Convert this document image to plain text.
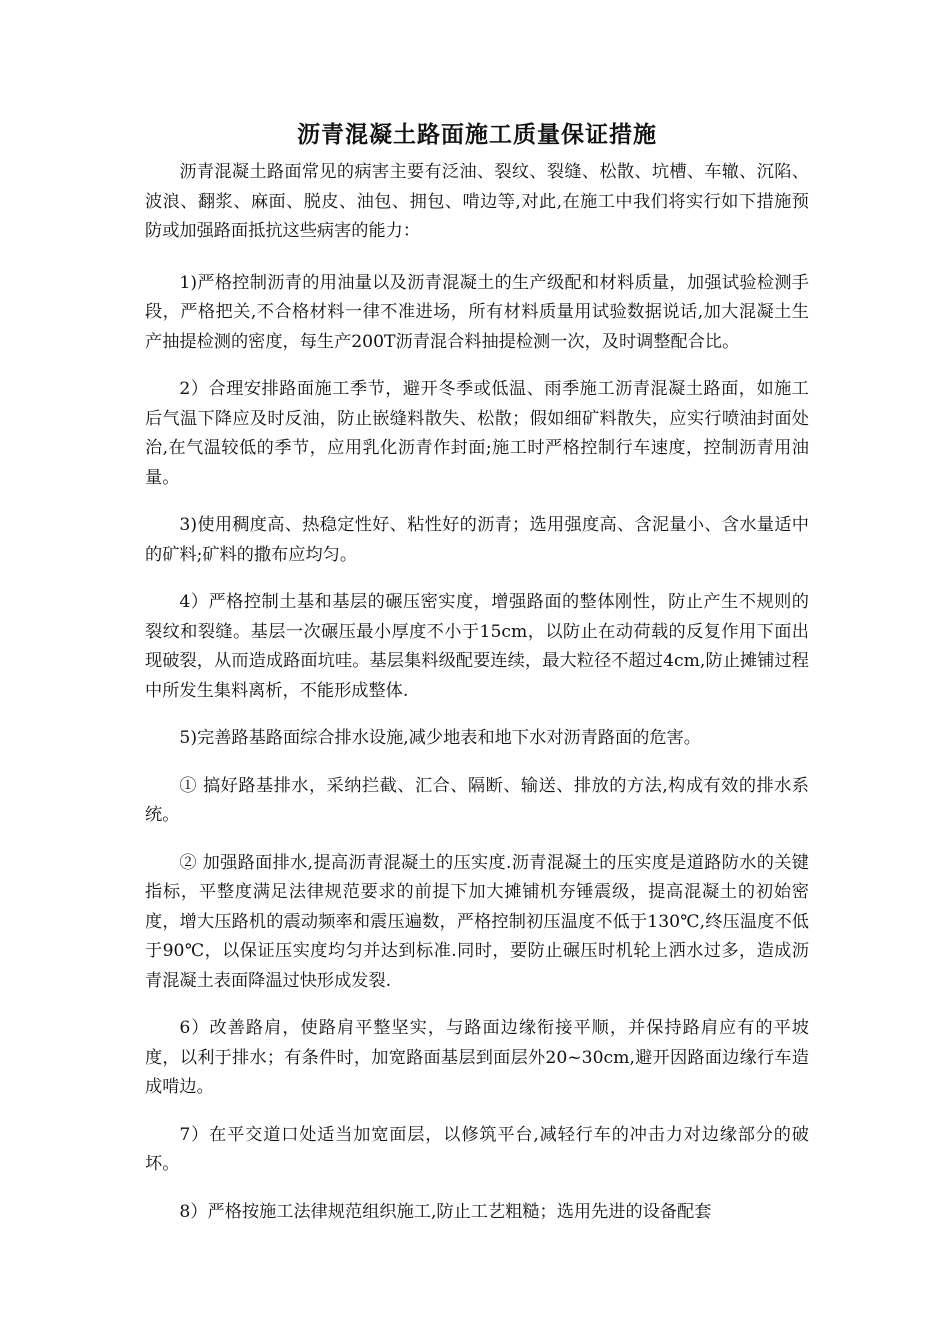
沥青混凝土路面施工质量保证措施

沥青混凝土路面常见的病害主要有泛油、裂纹、裂缝、松散、坑槽、车辙、沉陷、波浪、翻浆、麻面、脱皮、油包、拥包、啃边等,对此,在施工中我们将实行如下措施预防或加强路面抵抗这些病害的能力：

1)严格控制沥青的用油量以及沥青混凝土的生产级配和材料质量，加强试验检测手段，严格把关,不合格材料一律不准进场，所有材料质量用试验数据说话,加大混凝土生产抽提检测的密度，每生产200T沥青混合料抽提检测一次，及时调整配合比。

2）合理安排路面施工季节，避开冬季或低温、雨季施工沥青混凝土路面，如施工后气温下降应及时反油，防止嵌缝料散失、松散；假如细矿料散失，应实行喷油封面处治,在气温较低的季节，应用乳化沥青作封面;施工时严格控制行车速度，控制沥青用油量。

3)使用稠度高、热稳定性好、粘性好的沥青；选用强度高、含泥量小、含水量适中的矿料;矿料的撒布应均匀。

4）严格控制土基和基层的碾压密实度，增强路面的整体刚性，防止产生不规则的裂纹和裂缝。基层一次碾压最小厚度不小于15cm，以防止在动荷载的反复作用下面出现破裂，从而造成路面坑哇。基层集料级配要连续，最大粒径不超过4cm,防止摊铺过程中所发生集料离析，不能形成整体.

5)完善路基路面综合排水设施,减少地表和地下水对沥青路面的危害。

① 搞好路基排水，采纳拦截、汇合、隔断、输送、排放的方法,构成有效的排水系统。

② 加强路面排水,提高沥青混凝土的压实度.沥青混凝土的压实度是道路防水的关键指标，平整度满足法律规范要求的前提下加大摊铺机夯锤震级，提高混凝土的初始密度，增大压路机的震动频率和震压遍数，严格控制初压温度不低于130℃,终压温度不低于90℃，以保证压实度均匀并达到标准.同时，要防止碾压时机轮上洒水过多，造成沥青混凝土表面降温过快形成发裂.

6）改善路肩，使路肩平整坚实，与路面边缘衔接平顺，并保持路肩应有的平坡度，以利于排水；有条件时，加宽路面基层到面层外20~30cm,避开因路面边缘行车造成啃边。

7）在平交道口处适当加宽面层，以修筑平台,减轻行车的冲击力对边缘部分的破坏。

8）严格按施工法律规范组织施工,防止工艺粗糙；选用先进的设备配套
